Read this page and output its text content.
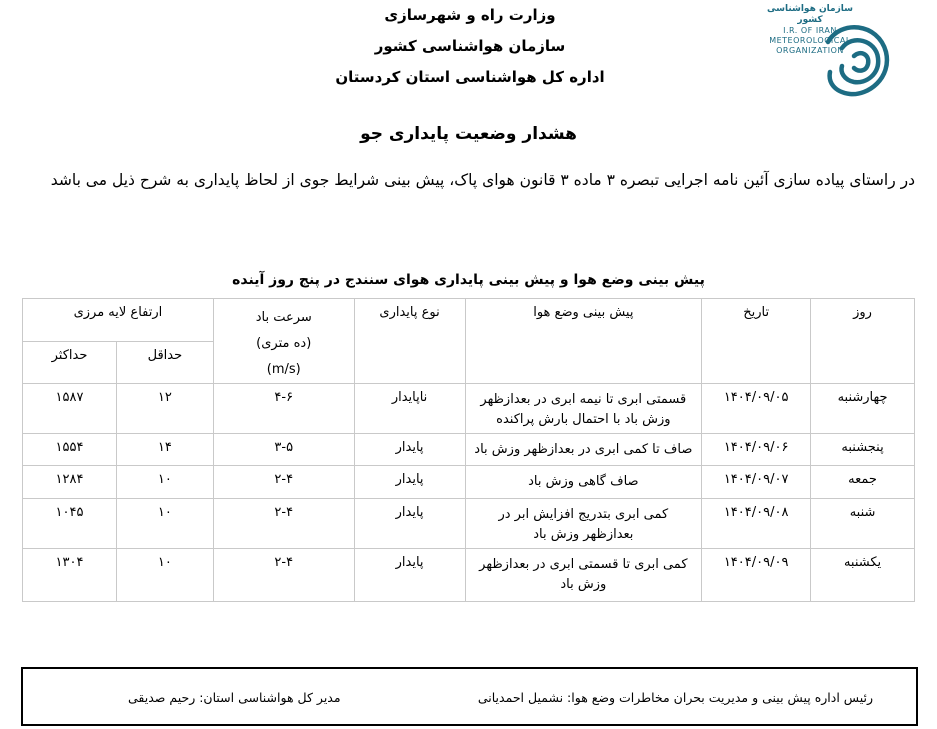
وزارت راه و شهرسازی
سازمان هواشناسی کشور
اداره کل هواشناسی استان کردستان
سازمان هواشناسی کشور
I.R. OF IRAN
METEOROLOGICAL
ORGANIZATION
هشدار وضعیت پایداری جو
در راستای پیاده سازی آئین نامه اجرایی تبصره ۳ ماده ۳ قانون هوای پاک، پیش بینی شرایط جوی از لحاظ پایداری به شرح ذیل می باشد
پیش بینی وضع هوا و پیش بینی پایداری هوای سنندج در پنج روز آینده
روز	تاریخ	پیش بینی وضع هوا	نوع پایداری	سرعت باد
(ده متری)
(m/s)	ارتفاع لایه مرزی	
					حداقل	حداکثر
چهارشنبه	۱۴۰۴/۰۹/۰۵	قسمتی ابری تا نیمه ابری در بعدازظهر وزش باد با احتمال بارش پراکنده	ناپایدار	۴-۶	۱۲	۱۵۸۷
پنجشنبه	۱۴۰۴/۰۹/۰۶	صاف تا کمی ابری در بعدازظهر وزش باد	پایدار	۳-۵	۱۴	۱۵۵۴
جمعه	۱۴۰۴/۰۹/۰۷	صاف گاهی وزش باد	پایدار	۲-۴	۱۰	۱۲۸۴
شنبه	۱۴۰۴/۰۹/۰۸	کمی ابری بتدریج افزایش ابر در بعدازظهر وزش باد	پایدار	۲-۴	۱۰	۱۰۴۵
یکشنبه	۱۴۰۴/۰۹/۰۹	کمی ابری تا قسمتی ابری در بعدازظهر وزش باد	پایدار	۲-۴	۱۰	۱۳۰۴
رئیس اداره پیش بینی و مدیریت بحران مخاطرات وضع هوا: نشمیل احمدیانی
مدیر کل هواشناسی استان: رحیم صدیقی
